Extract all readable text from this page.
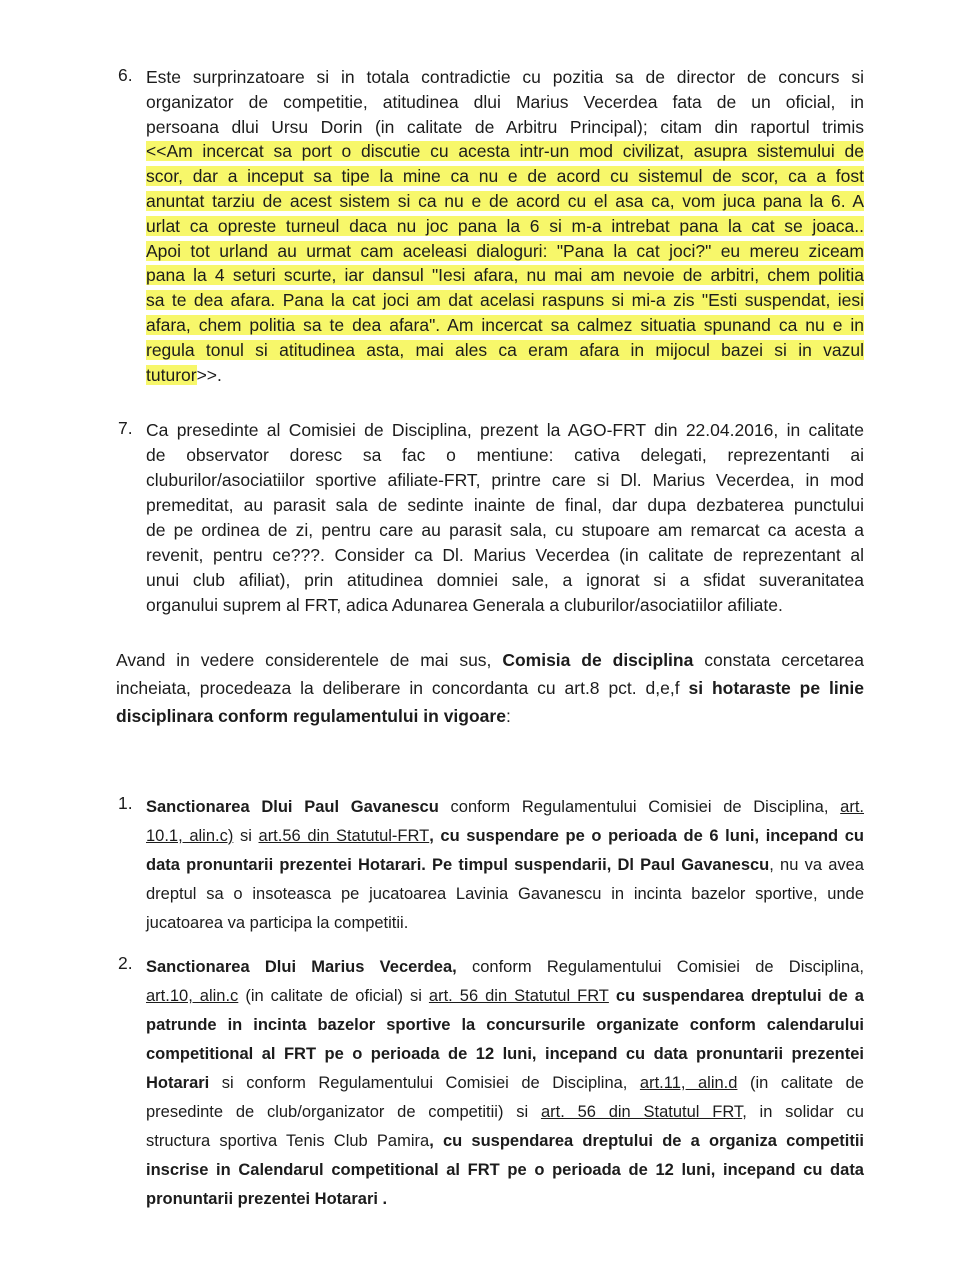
6. Este surprinzatoare si in totala contradictie cu pozitia sa de director de concurs si
organizator de competitie, atitudinea dlui Marius Vecerdea fata de un oficial, in
persoana dlui Ursu Dorin (in calitate de Arbitru Principal); citam din raportul trimis
<<Am incercat sa port o discutie cu acesta intr-un mod civilizat, asupra sistemului de
scor, dar a inceput sa tipe la mine ca nu e de acord cu sistemul de scor, ca a fost
anuntat tarziu de acest sistem si ca nu e de acord cu el asa ca, vom juca pana la 6. A
urlat ca opreste turneul daca nu joc pana la 6 si m-a intrebat pana la cat se joaca..
Apoi tot urland au urmat cam aceleasi dialoguri: "Pana la cat joci?" eu mereu ziceam
pana la 4 seturi scurte, iar dansul "Iesi afara, nu mai am nevoie de arbitri, chem politia
sa te dea afara. Pana la cat joci am dat acelasi raspuns si mi-a zis "Esti suspendat, iesi
afara, chem politia sa te dea afara". Am incercat sa calmez situatia spunand ca nu e in
regula tonul si atitudinea asta, mai ales ca eram afara in mijocul bazei si in vazul
tuturor>>.
7. Ca presedinte al Comisiei de Disciplina, prezent la AGO-FRT din 22.04.2016, in calitate
de observator doresc sa fac o mentiune: cativa delegati, reprezentanti ai
cluburilor/asociatiilor sportive afiliate-FRT, printre care si Dl. Marius Vecerdea, in mod
premeditat, au parasit sala de sedinte inainte de final, dar dupa dezbaterea punctului
de pe ordinea de zi, pentru care au parasit sala, cu stupoare am remarcat ca acesta a
revenit, pentru ce???. Consider ca Dl. Marius Vecerdea (in calitate de reprezentant al
unui club afiliat), prin atitudinea domniei sale, a ignorat si a sfidat suveranitatea
organului suprem al FRT, adica Adunarea Generala a cluburilor/asociatiilor afiliate.
Avand in vedere considerentele de mai sus, Comisia de disciplina constata cercetarea
incheiata, procedeaza la deliberare in concordanta cu art.8 pct. d,e,f si hotaraste pe linie
disciplinara conform regulamentului in vigoare:
1. Sanctionarea Dlui Paul Gavanescu conform Regulamentului Comisiei de Disciplina, art.
10.1, alin.c) si art.56 din Statutul-FRT, cu suspendare pe o perioada de 6 luni, incepand cu
data pronuntarii prezentei Hotarari. Pe timpul suspendarii, Dl Paul Gavanescu, nu va avea
dreptul sa o insoteasca pe jucatoarea Lavinia Gavanescu in incinta bazelor sportive, unde
jucatoarea va participa la competitii.
2. Sanctionarea Dlui Marius Vecerdea, conform Regulamentului Comisiei de Disciplina,
art.10, alin.c (in calitate de oficial) si art. 56 din Statutul FRT cu suspendarea dreptului de a
patrunde in incinta bazelor sportive la concursurile organizate conform calendarului
competitional al FRT pe o perioada de 12 luni, incepand cu data pronuntarii prezentei
Hotarari si conform Regulamentului Comisiei de Disciplina, art.11, alin.d (in calitate de
presedinte de club/organizator de competitii) si art. 56 din Statutul FRT, in solidar cu
structura sportiva Tenis Club Pamira, cu suspendarea dreptului de a organiza competitii
inscrise in Calendarul competitional al FRT pe o perioada de 12 luni, incepand cu data
pronuntarii prezentei Hotarari .
